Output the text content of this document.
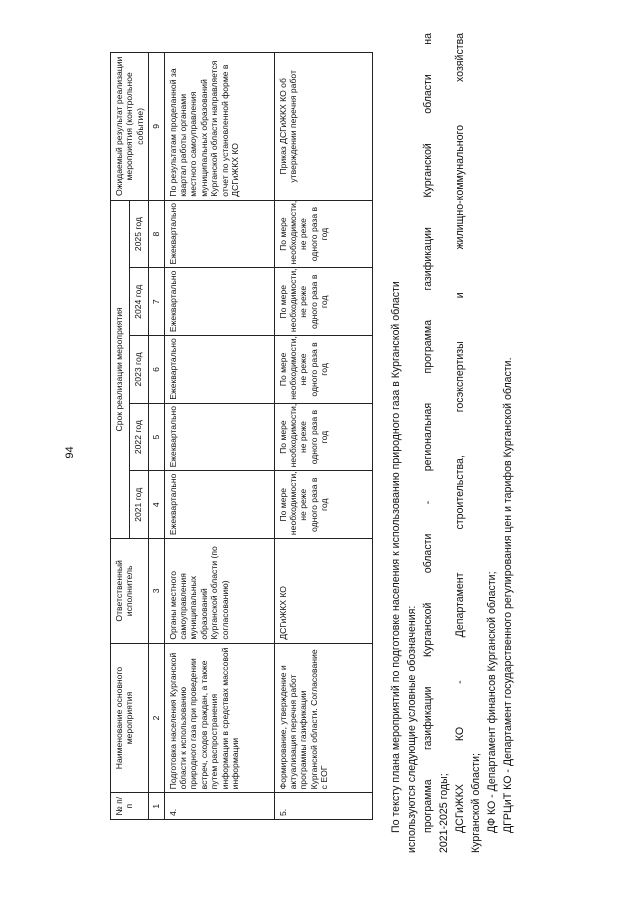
94
№ п/п	Наименование основного мероприятия	Ответственный исполнитель	Срок реализации мероприятия					Ожидаемый результат реализации мероприятия (контрольное событие)
			2021 год	2022 год	2023 год	2024 год	2025 год	
1	2	3	4	5	6	7	8	9
4.	Подготовка населения Курганской области к использованию природного газа при проведении встреч, сходов граждан, а также путем распространения информации в средствах массовой информации	Органы местного самоуправления муниципальных образований Курганской области (по согласованию)	Ежеквартально	Ежеквартально	Ежеквартально	Ежеквартально	Ежеквартально	По результатам проделанной за квартал работы органами местного самоуправления муниципальных образований Курганской области направляется отчет по установленной форме в ДСГиЖКХ КО
5.	Формирование, утверждение и актуализация перечня работ программы газификации Курганской области. Согласование с ЕОГ	ДСГиЖКХ КО	По мере необходимости, не реже одного раза в год	По мере необходимости, не реже одного раза в год	По мере необходимости, не реже одного раза в год	По мере необходимости, не реже одного раза в год	По мере необходимости, не реже одного раза в год	Приказ ДСГиЖКХ КО об утверждении перечня работ

По тексту плана мероприятий по подготовке населения к использованию природного газа в Курганской области используются следующие условные обозначения: программа газификации Курганской области - региональная программа газификации Курганской области на 2021-2025 годы; ДСГиЖКХ КО - Департамент строительства, госэкспертизы и жилищно-коммунального хозяйства Курганской области; ДФ КО - Департамент финансов Курганской области; ДГРЦиТ КО - Департамент государственного регулирования цен и тарифов Курганской области.
